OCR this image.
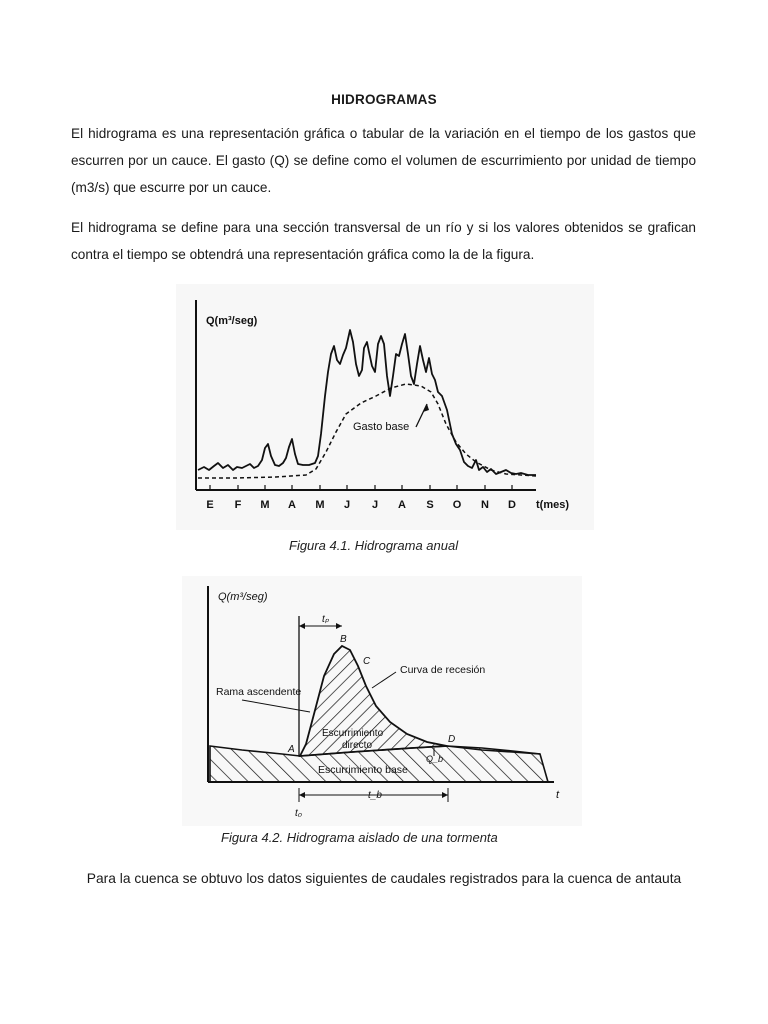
HIDROGRAMAS
El hidrograma es una representación gráfica o tabular de la variación en el tiempo de los gastos que escurren por un cauce. El gasto (Q) se define como el volumen de escurrimiento por unidad de tiempo (m3/s) que escurre por un cauce.
El hidrograma se define para una sección transversal de un río y si los valores obtenidos se grafican contra el tiempo se obtendrá una representación gráfica como la de la figura.
Gasto base
Q(m³/seg)
t(mes)
E F M A M J J A S O N D
Figura 4.1. Hidrograma anual
tₚ
t_b
t₀
Q(m³/seg)
t
B
C
A
D
Curva de recesión
Rama ascendente
Escurrimiento
directo
Escurrimiento base
Q_b
Figura 4.2. Hidrograma aislado de una tormenta
Para la cuenca se obtuvo los datos siguientes de caudales registrados para la cuenca de antauta
